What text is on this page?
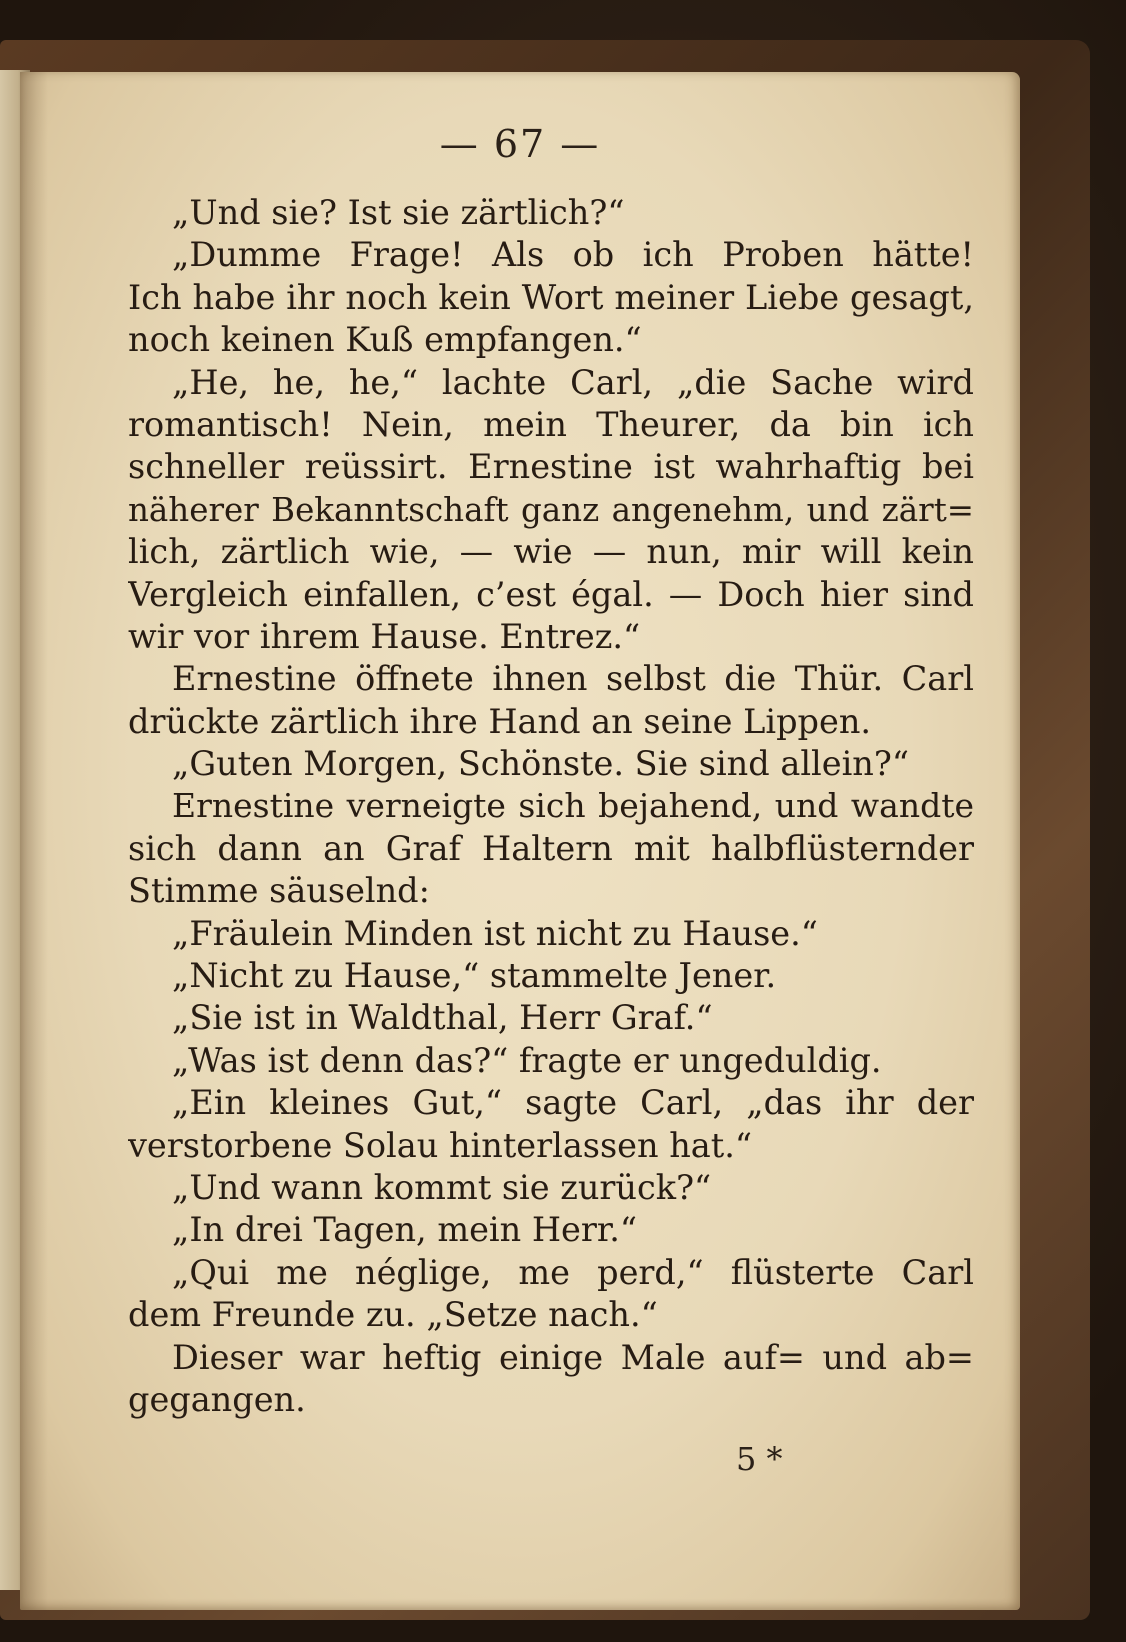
— 67 —
„Und sie? Ist sie zärtlich?“
„Dumme Frage! Als ob ich Proben hätte!
Ich habe ihr noch kein Wort meiner Liebe gesagt,
noch keinen Kuß empfangen.“
„He, he, he,“ lachte Carl, „die Sache wird
romantisch! Nein, mein Theurer, da bin ich
schneller reüssirt. Ernestine ist wahrhaftig bei
näherer Bekanntschaft ganz angenehm, und zärt=
lich, zärtlich wie, — wie — nun, mir will kein
Vergleich einfallen, c’est égal. — Doch hier sind
wir vor ihrem Hause. Entrez.“
Ernestine öffnete ihnen selbst die Thür. Carl
drückte zärtlich ihre Hand an seine Lippen.
„Guten Morgen, Schönste. Sie sind allein?“
Ernestine verneigte sich bejahend, und wandte
sich dann an Graf Haltern mit halbflüsternder
Stimme säuselnd:
„Fräulein Minden ist nicht zu Hause.“
„Nicht zu Hause,“ stammelte Jener.
„Sie ist in Waldthal, Herr Graf.“
„Was ist denn das?“ fragte er ungeduldig.
„Ein kleines Gut,“ sagte Carl, „das ihr der
verstorbene Solau hinterlassen hat.“
„Und wann kommt sie zurück?“
„In drei Tagen, mein Herr.“
„Qui me néglige, me perd,“ flüsterte Carl
dem Freunde zu. „Setze nach.“
Dieser war heftig einige Male auf= und ab=
gegangen.
5 *
